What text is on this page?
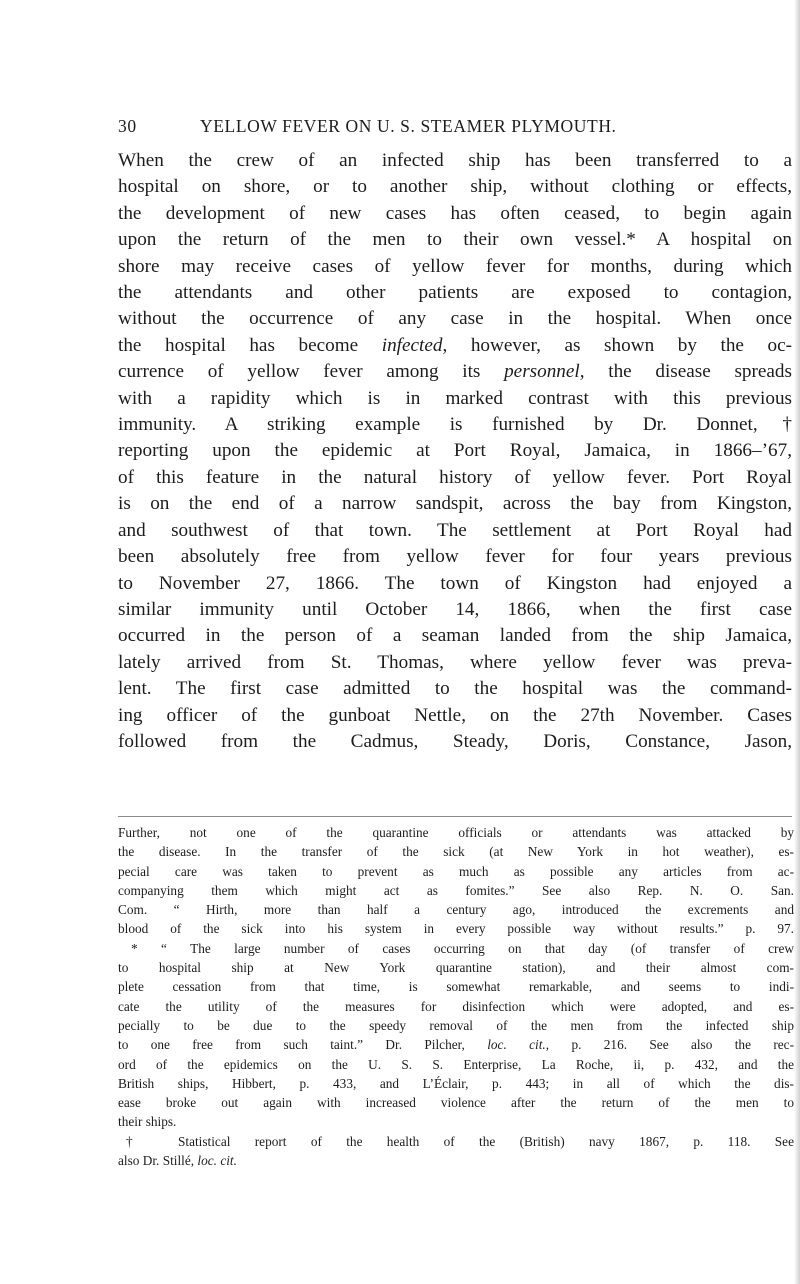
30	YELLOW FEVER ON U. S. STEAMER PLYMOUTH.
When the crew of an infected ship has been transferred to a
hospital on shore, or to another ship, without clothing or effects,
the development of new cases has often ceased, to begin again
upon the return of the men to their own vessel.* A hospital on
shore may receive cases of yellow fever for months, during which
the attendants and other patients are exposed to contagion,
without the occurrence of any case in the hospital. When once
the hospital has become infected, however, as shown by the oc-
currence of yellow fever among its personnel, the disease spreads
with a rapidity which is in marked contrast with this previous
immunity. A striking example is furnished by Dr. Donnet,†
reporting upon the epidemic at Port Royal, Jamaica, in 1866–’67,
of this feature in the natural history of yellow fever. Port Royal
is on the end of a narrow sandspit, across the bay from Kingston,
and southwest of that town. The settlement at Port Royal had
been absolutely free from yellow fever for four years previous
to November 27, 1866. The town of Kingston had enjoyed a
similar immunity until October 14, 1866, when the first case
occurred in the person of a seaman landed from the ship Jamaica,
lately arrived from St. Thomas, where yellow fever was preva-
lent. The first case admitted to the hospital was the command-
ing officer of the gunboat Nettle, on the 27th November. Cases
followed from the Cadmus, Steady, Doris, Constance, Jason,
Further, not one of the quarantine officials or attendants was attacked by
the disease. In the transfer of the sick (at New York in hot weather), es-
pecial care was taken to prevent as much as possible any articles from ac-
companying them which might act as fomites.” See also Rep. N. O. San.
Com. “ Hirth, more than half a century ago, introduced the excrements and
blood of the sick into his system in every possible way without results.” p. 97.
* “ The large number of cases occurring on that day (of transfer of crew
to hospital ship at New York quarantine station), and their almost com-
plete cessation from that time, is somewhat remarkable, and seems to indi-
cate the utility of the measures for disinfection which were adopted, and es-
pecially to be due to the speedy removal of the men from the infected ship
to one free from such taint.” Dr. Pilcher, loc. cit., p. 216. See also the rec-
ord of the epidemics on the U. S. S. Enterprise, La Roche, ii, p. 432, and the
British ships, Hibbert, p. 433, and L’Éclair, p. 443; in all of which the dis-
ease broke out again with increased violence after the return of the men to
their ships.
† Statistical report of the health of the (British) navy 1867, p. 118. See
also Dr. Stillé, loc. cit.
